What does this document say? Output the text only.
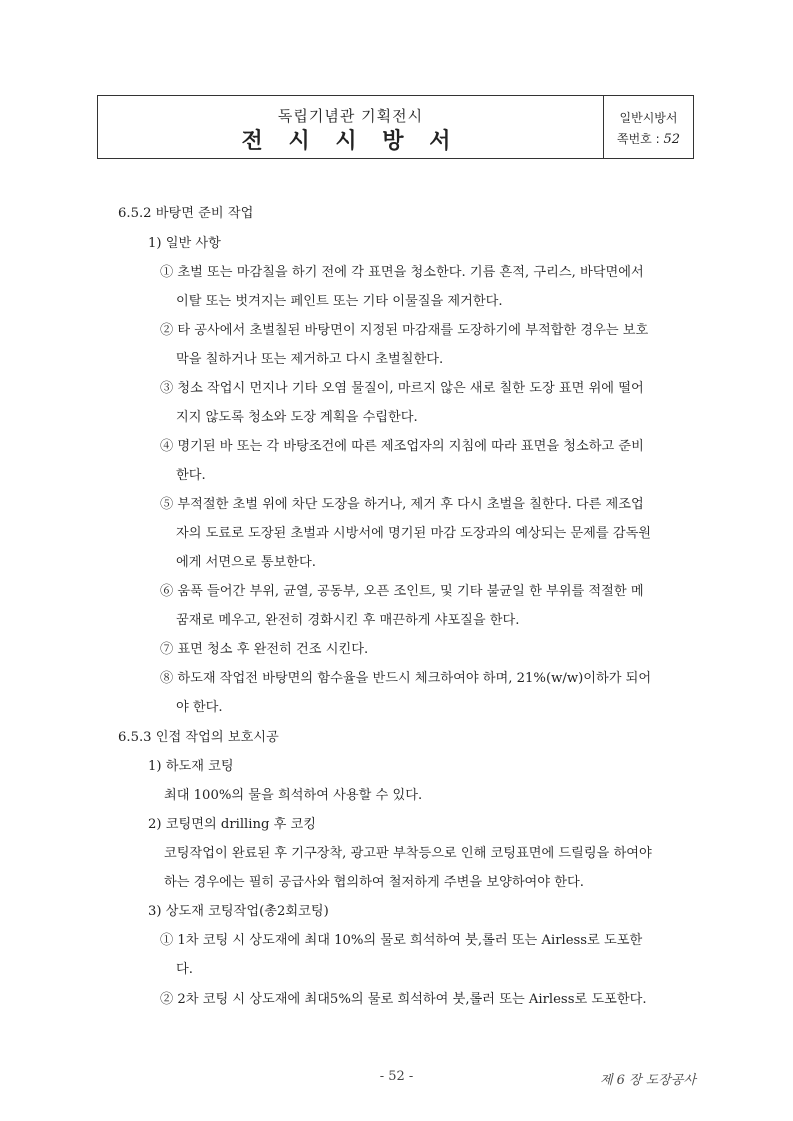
독립기념관 기획전시
전 시 시 방 서
일반시방서
쪽번호 : 52
6.5.2 바탕면 준비 작업
1) 일반 사항
① 초벌 또는 마감칠을 하기 전에 각 표면을 청소한다. 기름 흔적, 구리스, 바닥면에서
이탈 또는 벗겨지는 페인트 또는 기타 이물질을 제거한다.
② 타 공사에서 초벌칠된 바탕면이 지정된 마감재를 도장하기에 부적합한 경우는 보호
막을 칠하거나 또는 제거하고 다시 초벌칠한다.
③ 청소 작업시 먼지나 기타 오염 물질이, 마르지 않은 새로 칠한 도장 표면 위에 떨어
지지 않도록 청소와 도장 계획을 수립한다.
④ 명기된 바 또는 각 바탕조건에 따른 제조업자의 지침에 따라 표면을 청소하고 준비
한다.
⑤ 부적절한 초벌 위에 차단 도장을 하거나, 제거 후 다시 초벌을 칠한다. 다른 제조업
자의 도료로 도장된 초벌과 시방서에 명기된 마감 도장과의 예상되는 문제를 감독원
에게 서면으로 통보한다.
⑥ 움푹 들어간 부위, 균열, 공동부, 오픈 조인트, 및 기타 불균일 한 부위를 적절한 메
꿈재로 메우고, 완전히 경화시킨 후 매끈하게 샤포질을 한다.
⑦ 표면 청소 후 완전히 건조 시킨다.
⑧ 하도재 작업전 바탕면의 함수율을 반드시 체크하여야 하며, 21%(w/w)이하가 되어
야 한다.
6.5.3 인접 작업의 보호시공
1) 하도재 코팅
최대 100%의 물을 희석하여 사용할 수 있다.
2) 코팅면의 drilling 후 코킹
코팅작업이 완료된 후 기구장착, 광고판 부착등으로 인해 코팅표면에 드릴링을 하여야
하는 경우에는 필히 공급사와 협의하여 철저하게 주변을 보양하여야 한다.
3) 상도재 코팅작업(총2회코팅)
① 1차 코팅 시 상도재에 최대 10%의 물로 희석하여 붓,롤러 또는 Airless로 도포한
다.
② 2차 코팅 시 상도재에 최대5%의 물로 희석하여 붓,롤러 또는 Airless로 도포한다.
- 52 -	제 6 장 도장공사
